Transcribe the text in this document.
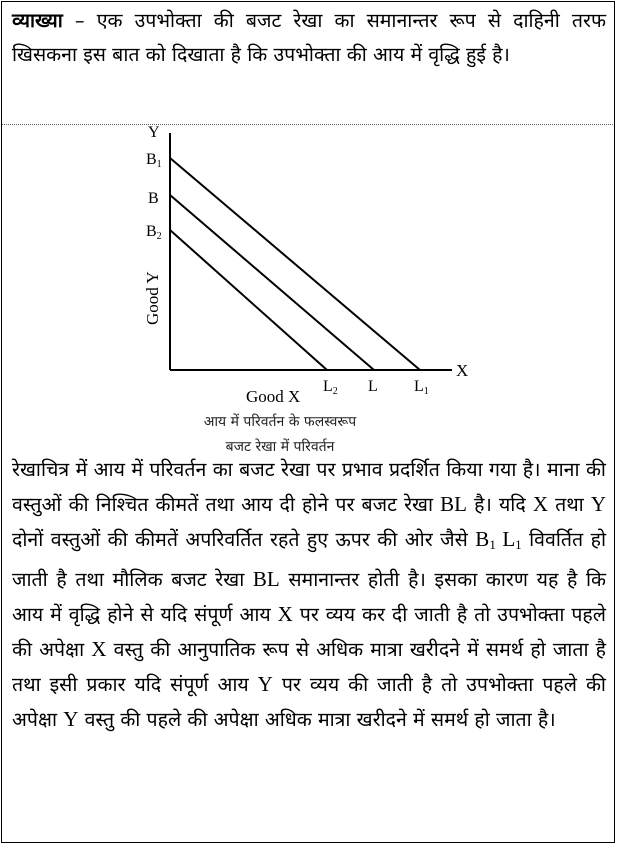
व्याख्या – एक उपभोक्ता की बजट रेखा का समानान्तर रूप से दाहिनी तरफ खिसकना इस बात को दिखाता है कि उपभोक्ता की आय में वृद्धि हुई है।
Y
X
B1
B
B2
L2 L L1
Good Y
Good X
आय में परिवर्तन के फलस्वरूप
बजट रेखा में परिवर्तन
रेखाचित्र में आय में परिवर्तन का बजट रेखा पर प्रभाव प्रदर्शित किया गया है। माना की वस्तुओं की निश्चित कीमतें तथा आय दी होने पर बजट रेखा BL है। यदि X तथा Y दोनों वस्तुओं की कीमतें अपरिवर्तित रहते हुए ऊपर की ओर जैसे $B_1$ $L_1$ विवर्तित हो जाती है तथा मौलिक बजट रेखा BL समानान्तर होती है। इसका कारण यह है कि आय में वृद्धि होने से यदि संपूर्ण आय X पर व्यय कर दी जाती है तो उपभोक्ता पहले की अपेक्षा X वस्तु की आनुपातिक रूप से अधिक मात्रा खरीदने में समर्थ हो जाता है तथा इसी प्रकार यदि संपूर्ण आय Y पर व्यय की जाती है तो उपभोक्ता पहले की अपेक्षा Y वस्तु की पहले की अपेक्षा अधिक मात्रा खरीदने में समर्थ हो जाता है।
